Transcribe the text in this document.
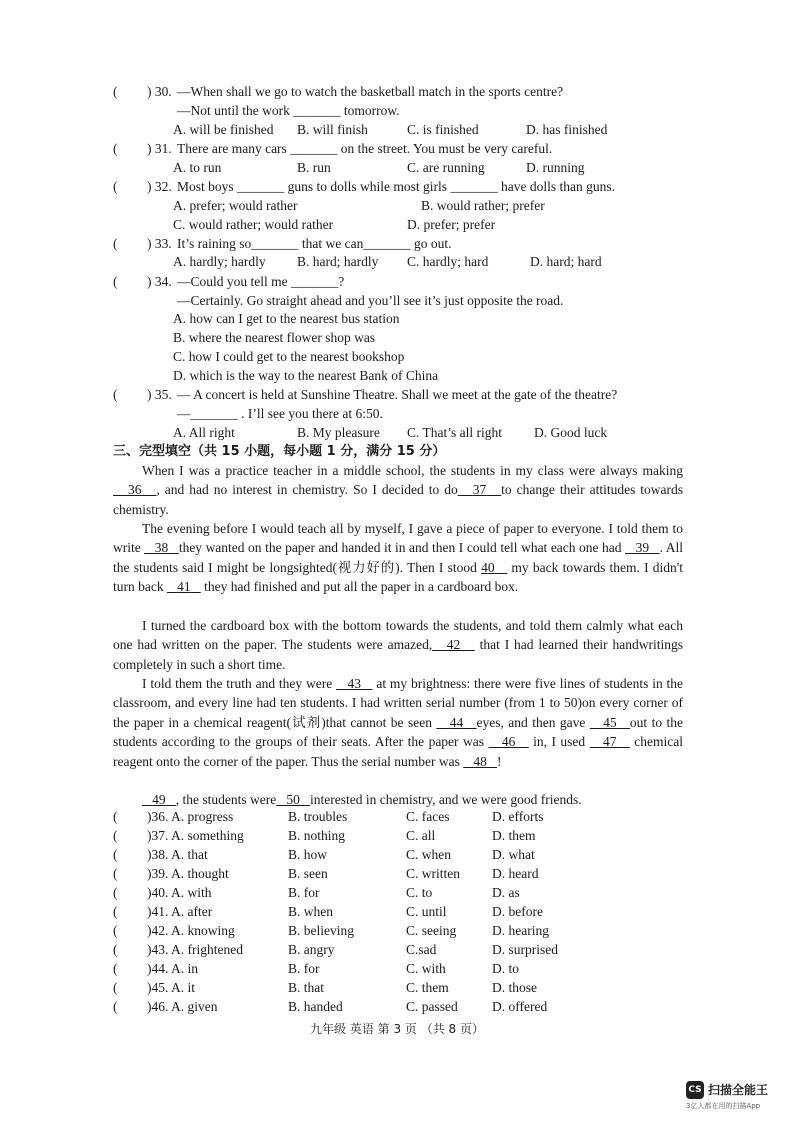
( ) 30. —When shall we go to watch the basketball match in the sports centre?
—Not until the work _______ tomorrow.
A. will be finished B. will finish	C. is finished	D. has finished
( ) 31. There are many cars _______ on the street. You must be very careful.
A. to run	B. run	C. are running	D. running
( ) 32. Most boys _______ guns to dolls while most girls _______ have dolls than guns.
A. prefer; would rather	B. would rather; prefer
C. would rather; would rather	D. prefer; prefer
( ) 33. It’s raining so_______ that we can_______ go out.
A. hardly; hardly B. hard; hardly C. hardly; hard	D. hard; hard
( ) 34. —Could you tell me _______?
—Certainly. Go straight ahead and you’ll see it’s just opposite the road.
A. how can I get to the nearest bus station
B. where the nearest flower shop was
C. how I could get to the nearest bookshop
D. which is the way to the nearest Bank of China
( ) 35. — A concert is held at Sunshine Theatre. Shall we meet at the gate of the theatre?
—_______ . I’ll see you there at 6:50.
A. All right	B. My pleasure C. That’s all right D. Good luck
三、完型填空（共 15 小题，每小题 1 分，满分 15 分）
When I was a practice teacher in a middle school, the students in my class were always making    36 , and had no interest in chemistry. So I decided to do 37 to change their attitudes towards chemistry.
The evening before I would teach all by myself, I gave a piece of paper to everyone. I told them to write    38 they wanted on the paper and handed it in and then I could tell what each one had    39 . All the students said I might be longsighted(视力好的). Then I stood 40    my back towards them. I didn't turn back    41    they had finished and put all the paper in a cardboard box.
I turned the cardboard box with the bottom towards the students, and told them calmly what each one had written on the paper. The students were amazed, 42    that I had learned their handwritings completely in such a short time.
I told them the truth and they were    43    at my brightness: there were five lines of students in the classroom, and every line had ten students. I had written serial number (from 1 to 50)on every corner of the paper in a chemical reagent(试剂)that cannot be seen    44 eyes, and then gave    45 out to the students according to the groups of their seats. After the paper was    46    in, I used    47    chemical reagent onto the corner of the paper. Thus the serial number was    48 !
49 , the students were 50 interested in chemistry, and we were good friends.
( )36. A. progress	B. troubles	C. faces	D. efforts
( )37. A. something	B. nothing	C. all	D. them
( )38. A. that	B. how	C. when	D. what
( )39. A. thought	B. seen	C. written D. heard
( )40. A. with	B. for	C. to	D. as
( )41. A. after	B. when	C. until	D. before
( )42. A. knowing	B. believing	C. seeing	D. hearing
( )43. A. frightened	B. angry	C.sad	D. surprised
( )44. A. in	B. for	C. with	D. to
( )45. A. it	B. that	C. them	D. those
( )46. A. given	B. handed	C. passed	D. offered
九年级 英语 第 3 页 （共 8 页）
CS 扫描全能王
3亿人都在用的扫描App
